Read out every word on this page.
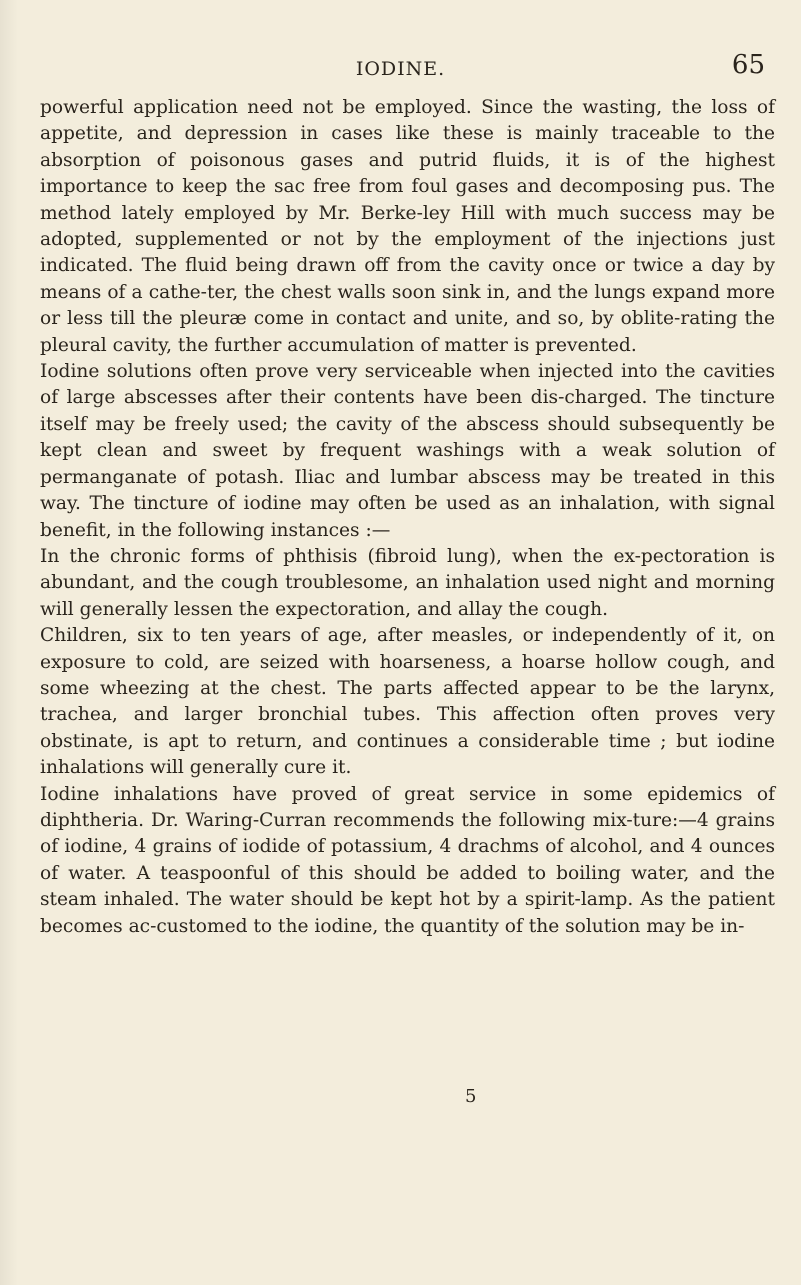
IODINE.	65

powerful application need not be employed. Since the wasting, the loss of appetite, and depression in cases like these is mainly traceable to the absorption of poisonous gases and putrid fluids, it is of the highest importance to keep the sac free from foul gases and decomposing pus. The method lately employed by Mr. Berke-ley Hill with much success may be adopted, supplemented or not by the employment of the injections just indicated. The fluid being drawn off from the cavity once or twice a day by means of a cathe-ter, the chest walls soon sink in, and the lungs expand more or less till the pleuræ come in contact and unite, and so, by oblite-rating the pleural cavity, the further accumulation of matter is prevented.

Iodine solutions often prove very serviceable when injected into the cavities of large abscesses after their contents have been dis-charged. The tincture itself may be freely used; the cavity of the abscess should subsequently be kept clean and sweet by frequent washings with a weak solution of permanganate of potash. Iliac and lumbar abscess may be treated in this way. The tincture of iodine may often be used as an inhalation, with signal benefit, in the following instances :—

In the chronic forms of phthisis (fibroid lung), when the ex-pectoration is abundant, and the cough troublesome, an inhalation used night and morning will generally lessen the expectoration, and allay the cough.

Children, six to ten years of age, after measles, or independently of it, on exposure to cold, are seized with hoarseness, a hoarse hollow cough, and some wheezing at the chest. The parts affected appear to be the larynx, trachea, and larger bronchial tubes. This affection often proves very obstinate, is apt to return, and continues a considerable time ; but iodine inhalations will generally cure it.

Iodine inhalations have proved of great service in some epidemics of diphtheria. Dr. Waring-Curran recommends the following mix-ture:—4 grains of iodine, 4 grains of iodide of potassium, 4 drachms of alcohol, and 4 ounces of water. A teaspoonful of this should be added to boiling water, and the steam inhaled. The water should be kept hot by a spirit-lamp. As the patient becomes ac-customed to the iodine, the quantity of the solution may be in-

5
